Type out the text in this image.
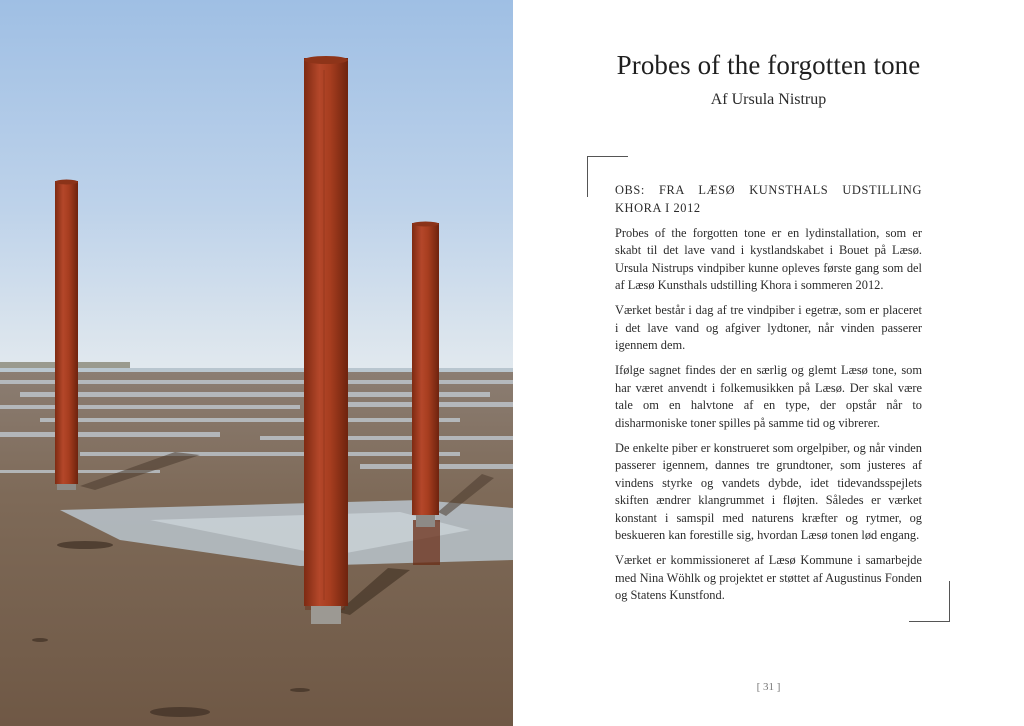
Probes of the forgotten tone
Af Ursula Nistrup

OBS: FRA LÆSØ KUNSTHALS UDSTILLING KHORA I 2012

Probes of the forgotten tone er en lydinstallation, som er skabt til det lave vand i kystlandskabet i Bouet på Læsø. Ursula Nistrups vindpiber kunne opleves første gang som del af Læsø Kunsthals udstilling Khora i sommeren 2012.

Værket består i dag af tre vindpiber i egetræ, som er placeret i det lave vand og afgiver lydtoner, når vinden passerer igennem dem.

Ifølge sagnet findes der en særlig og glemt Læsø tone, som har været anvendt i folkemusikken på Læsø. Der skal være tale om en halvtone af en type, der opstår når to disharmoniske toner spilles på samme tid og vibrerer.

De enkelte piber er konstrueret som orgelpiber, og når vinden passerer igennem, dannes tre grundtoner, som justeres af vindens styrke og vandets dybde, idet tidevandsspejlets skiften ændrer klangrummet i fløjten. Således er værket konstant i samspil med naturens kræfter og rytmer, og beskueren kan forestille sig, hvordan Læsø tonen lød engang.

Værket er kommissioneret af Læsø Kommune i samarbejde med Nina Wöhlk og projektet er støttet af Augustinus Fonden og Statens Kunstfond.

[ 31 ]
